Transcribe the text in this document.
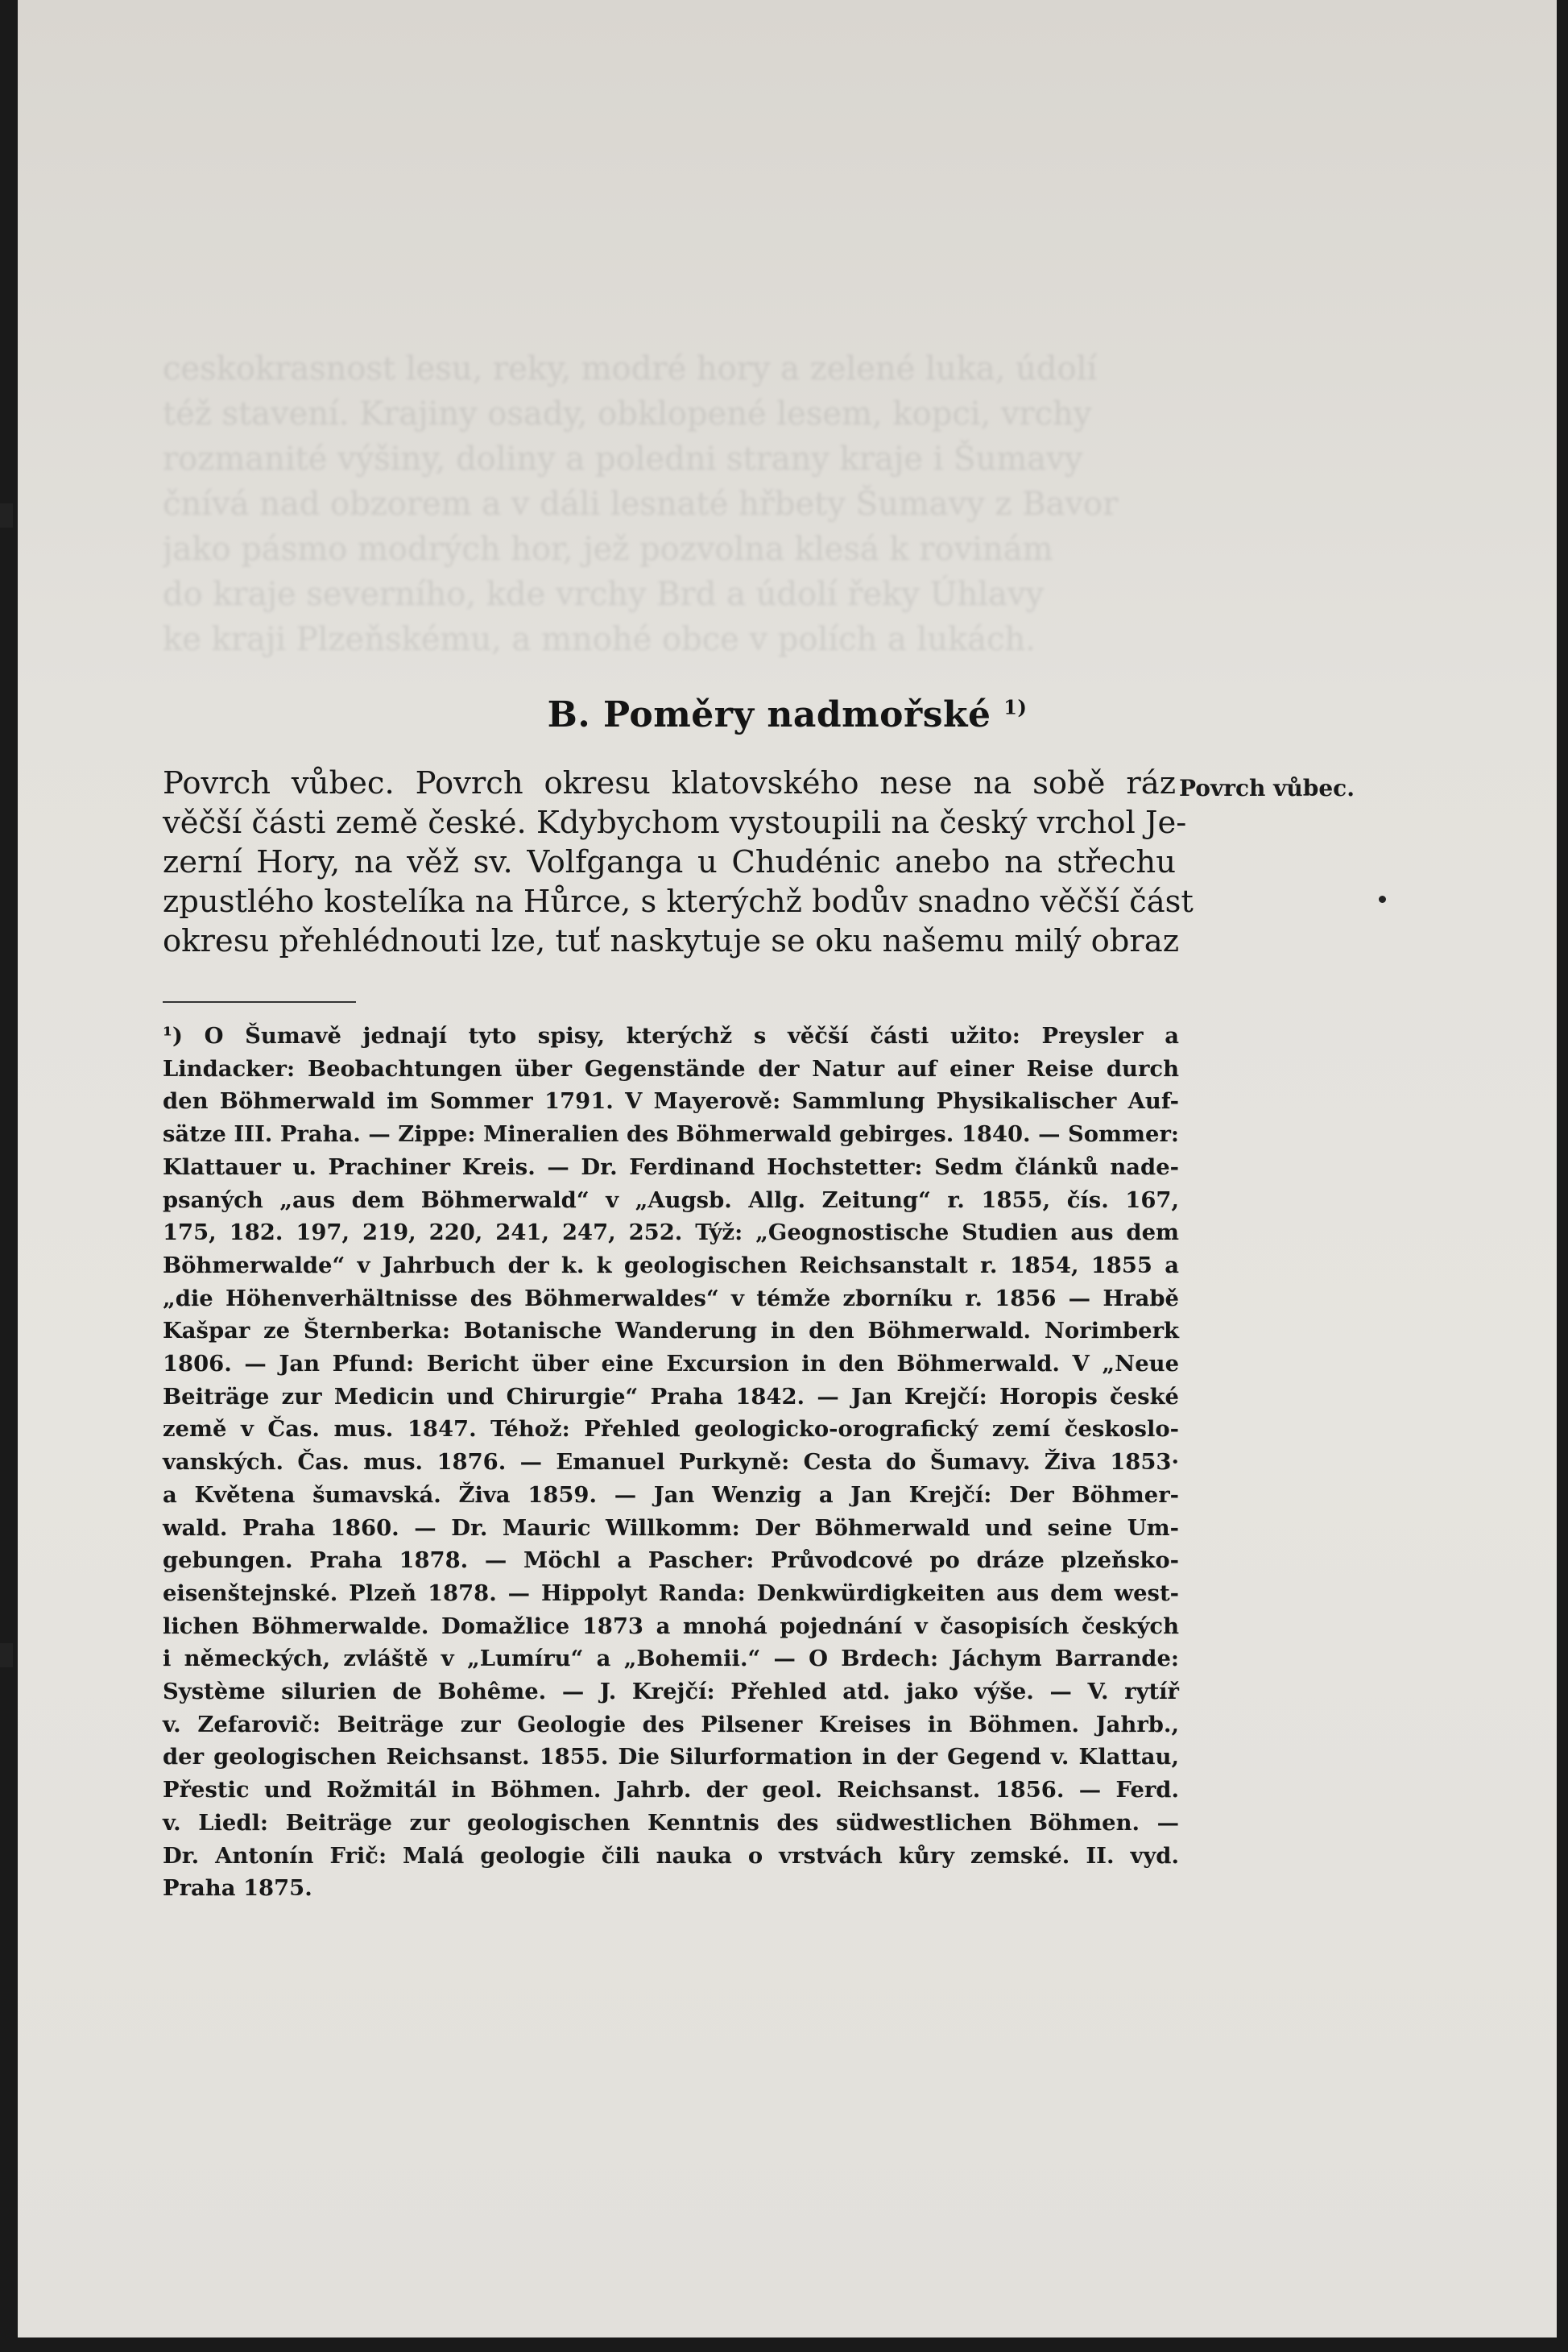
ceskokrasnost lesu, reky, modré hory a zelené luka, údolí
též stavení. Krajiny osady, obklopené lesem, kopci, vrchy
rozmanité výšiny, doliny a poledni strany kraje i Šumavy
čnívá nad obzorem a v dáli lesnaté hřbety Šumavy z Bavor
jako pásmo modrých hor, jež pozvolna klesá k rovinám
do kraje severního, kde vrchy Brd a údolí řeky Úhlavy
ke kraji Plzeňskému, a mnohé obce v polích a lukách.
B. Poměry nadmořské $^{1)}$
Povrch vůbec.
Povrch vůbec. Povrch okresu klatovského nese na sobě ráz
věčší části země české. Kdybychom vystoupili na český vrchol Je-
zerní Hory, na věž sv. Volfganga u Chudénic anebo na střechu
zpustlého kostelíka na Hůrce, s kterýchž bodův snadno věčší část
okresu přehlédnouti lze, tuť naskytuje se oku našemu milý obraz
¹) O Šumavě jednají tyto spisy, kterýchž s věčší části užito: Preysler a
Lindacker: Beobachtungen über Gegenstände der Natur auf einer Reise durch
den Böhmerwald im Sommer 1791. V Mayerově: Sammlung Physikalischer Auf-
sätze III. Praha. — Zippe: Mineralien des Böhmerwald gebirges. 1840. — Sommer:
Klattauer u. Prachiner Kreis. — Dr. Ferdinand Hochstetter: Sedm článků nade-
psaných „aus dem Böhmerwald“ v „Augsb. Allg. Zeitung“ r. 1855, čís. 167,
175, 182. 197, 219, 220, 241, 247, 252. Týž: „Geognostische Studien aus dem
Böhmerwalde“ v Jahrbuch der k. k geologischen Reichsanstalt r. 1854, 1855 a
„die Höhenverhältnisse des Böhmerwaldes“ v témže zborníku r. 1856 — Hrabě
Kašpar ze Šternberka: Botanische Wanderung in den Böhmerwald. Norimberk
1806. — Jan Pfund: Bericht über eine Excursion in den Böhmerwald. V „Neue
Beiträge zur Medicin und Chirurgie“ Praha 1842. — Jan Krejčí: Horopis české
země v Čas. mus. 1847. Téhož: Přehled geologicko-orografický zemí českoslo-
vanských. Čas. mus. 1876. — Emanuel Purkyně: Cesta do Šumavy. Živa 1853·
a Květena šumavská. Živa 1859. — Jan Wenzig a Jan Krejčí: Der Böhmer-
wald. Praha 1860. — Dr. Mauric Willkomm: Der Böhmerwald und seine Um-
gebungen. Praha 1878. — Möchl a Pascher: Průvodcové po dráze plzeňsko-
eisenštejnské. Plzeň 1878. — Hippolyt Randa: Denkwürdigkeiten aus dem west-
lichen Böhmerwalde. Domažlice 1873 a mnohá pojednání v časopisích českých
i německých, zvláště v „Lumíru“ a „Bohemii.“ — O Brdech: Jáchym Barrande:
Système silurien de Bohême. — J. Krejčí: Přehled atd. jako výše. — V. rytíř
v. Zefarovič: Beiträge zur Geologie des Pilsener Kreises in Böhmen. Jahrb.,
der geologischen Reichsanst. 1855. Die Silurformation in der Gegend v. Klattau,
Přestic und Rožmitál in Böhmen. Jahrb. der geol. Reichsanst. 1856. — Ferd.
v. Liedl: Beiträge zur geologischen Kenntnis des südwestlichen Böhmen. —
Dr. Antonín Frič: Malá geologie čili nauka o vrstvách kůry zemské. II. vyd.
Praha 1875.
